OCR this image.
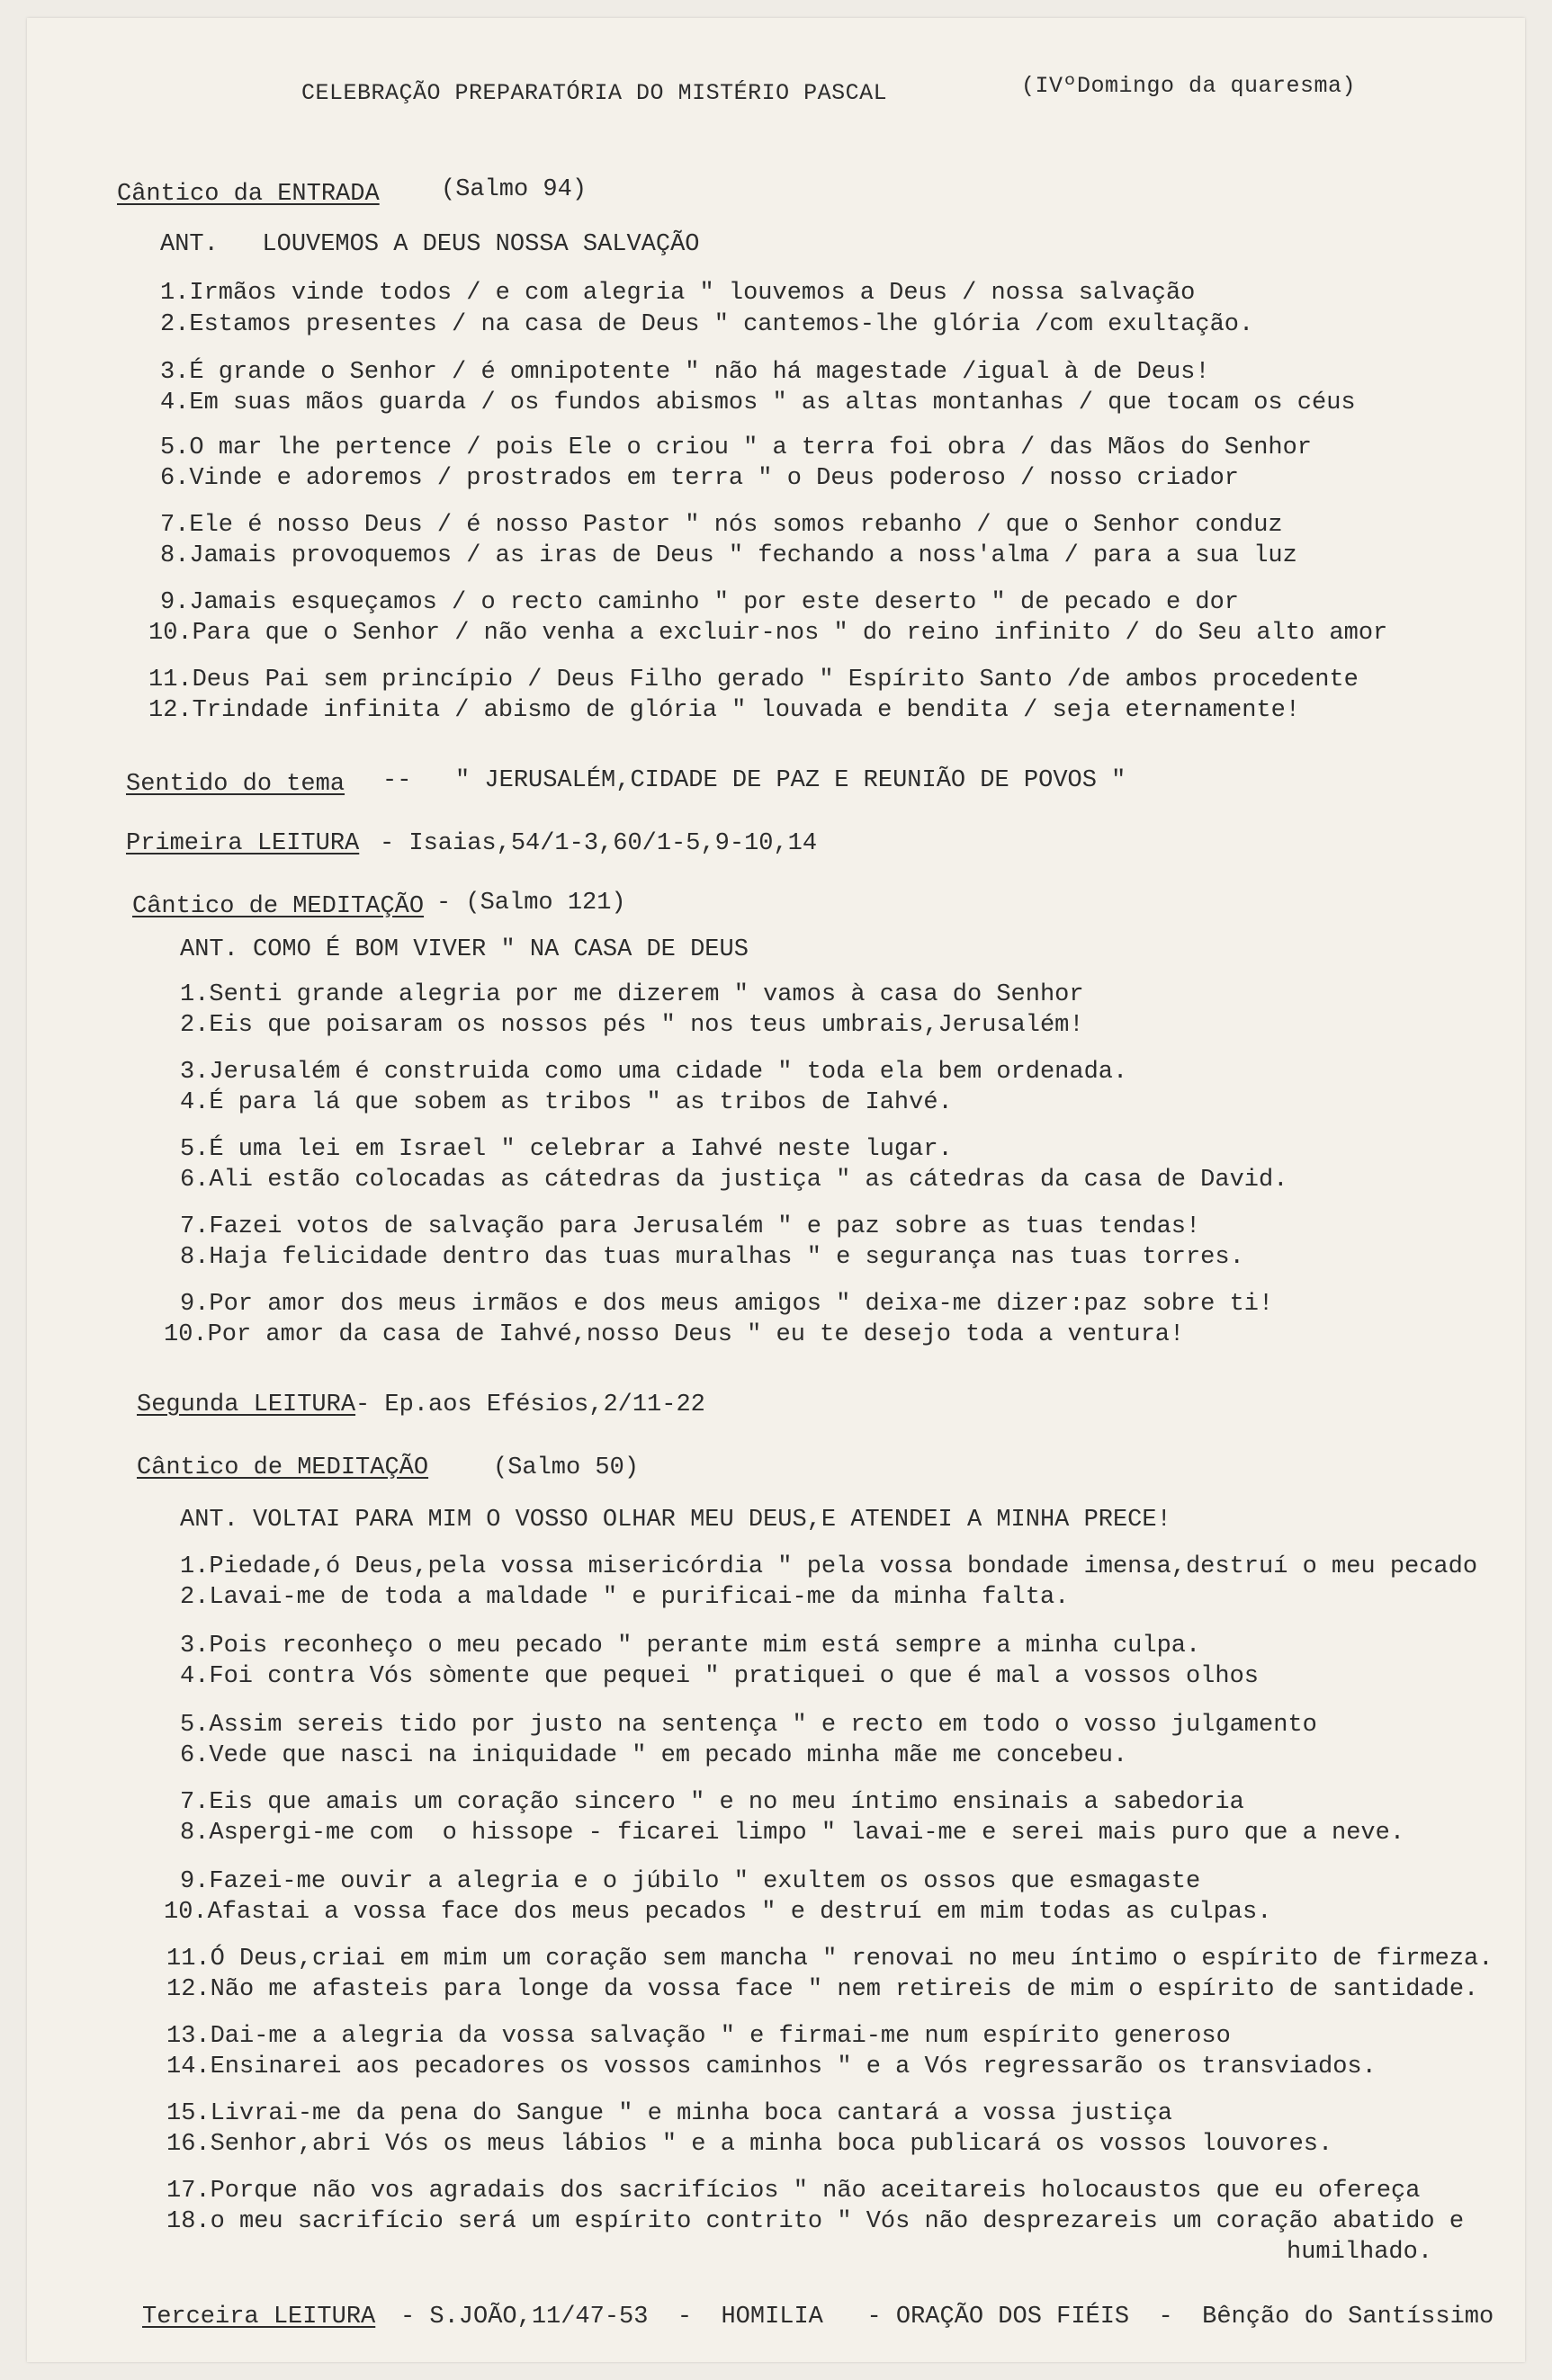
CELEBRAÇÃO PREPARATÓRIA DO MISTÉRIO PASCAL	(IVºDomingo da quaresma)
Cântico da ENTRADA	(Salmo 94)
ANT.   LOUVEMOS A DEUS NOSSA SALVAÇÃO
1.Irmãos vinde todos / e com alegria " louvemos a Deus / nossa salvação
2.Estamos presentes / na casa de Deus " cantemos-lhe glória /com exultação.
3.É grande o Senhor / é omnipotente " não há magestade /igual à de Deus!
4.Em suas mãos guarda / os fundos abismos " as altas montanhas / que tocam os céus
5.O mar lhe pertence / pois Ele o criou " a terra foi obra / das Mãos do Senhor
6.Vinde e adoremos / prostrados em terra " o Deus poderoso / nosso criador
7.Ele é nosso Deus / é nosso Pastor " nós somos rebanho / que o Senhor conduz
8.Jamais provoquemos / as iras de Deus " fechando a noss'alma / para a sua luz
9.Jamais esqueçamos / o recto caminho " por este deserto " de pecado e dor
10.Para que o Senhor / não venha a excluir-nos " do reino infinito / do Seu alto amor
11.Deus Pai sem princípio / Deus Filho gerado " Espírito Santo /de ambos procedente
12.Trindade infinita / abismo de glória " louvada e bendita / seja eternamente!
Sentido do tema --   " JERUSALÉM,CIDADE DE PAZ E REUNIÃO DE POVOS "
Primeira LEITURA - Isaias,54/1-3,60/1-5,9-10,14
Cântico de MEDITAÇÃO - (Salmo 121)
ANT. COMO É BOM VIVER " NA CASA DE DEUS
1.Senti grande alegria por me dizerem " vamos à casa do Senhor
2.Eis que poisaram os nossos pés " nos teus umbrais,Jerusalém!
3.Jerusalém é construida como uma cidade " toda ela bem ordenada.
4.É para lá que sobem as tribos " as tribos de Iahvé.
5.É uma lei em Israel " celebrar a Iahvé neste lugar.
6.Ali estão colocadas as cátedras da justiça " as cátedras da casa de David.
7.Fazei votos de salvação para Jerusalém " e paz sobre as tuas tendas!
8.Haja felicidade dentro das tuas muralhas " e segurança nas tuas torres.
9.Por amor dos meus irmãos e dos meus amigos " deixa-me dizer:paz sobre ti!
10.Por amor da casa de Iahvé,nosso Deus " eu te desejo toda a ventura!
Segunda LEITURA - Ep.aos Efésios,2/11-22
Cântico de MEDITAÇÃO	(Salmo 50)
ANT. VOLTAI PARA MIM O VOSSO OLHAR MEU DEUS,E ATENDEI A MINHA PRECE!
1.Piedade,ó Deus,pela vossa misericórdia " pela vossa bondade imensa,destruí o meu pecado
2.Lavai-me de toda a maldade " e purificai-me da minha falta.
3.Pois reconheço o meu pecado " perante mim está sempre a minha culpa.
4.Foi contra Vós sòmente que pequei " pratiquei o que é mal a vossos olhos
5.Assim sereis tido por justo na sentença " e recto em todo o vosso julgamento
6.Vede que nasci na iniquidade " em pecado minha mãe me concebeu.
7.Eis que amais um coração sincero " e no meu íntimo ensinais a sabedoria
8.Aspergi-me com  o hissope - ficarei limpo " lavai-me e serei mais puro que a neve.
9.Fazei-me ouvir a alegria e o júbilo " exultem os ossos que esmagaste
10.Afastai a vossa face dos meus pecados " e destruí em mim todas as culpas.
11.Ó Deus,criai em mim um coração sem mancha " renovai no meu íntimo o espírito de firmeza.
12.Não me afasteis para longe da vossa face " nem retireis de mim o espírito de santidade.
13.Dai-me a alegria da vossa salvação " e firmai-me num espírito generoso
14.Ensinarei aos pecadores os vossos caminhos " e a Vós regressarão os transviados.
15.Livrai-me da pena do Sangue " e minha boca cantará a vossa justiça
16.Senhor,abri Vós os meus lábios " e a minha boca publicará os vossos louvores.
17.Porque não vos agradais dos sacrifícios " não aceitareis holocaustos que eu ofereça
18.o meu sacrifício será um espírito contrito " Vós não desprezareis um coração abatido e
humilhado.
Terceira LEITURA - S.JOÃO,11/47-53  -  HOMILIA   - ORAÇÃO DOS FIÉIS  -  Bênção do Santíssimo
